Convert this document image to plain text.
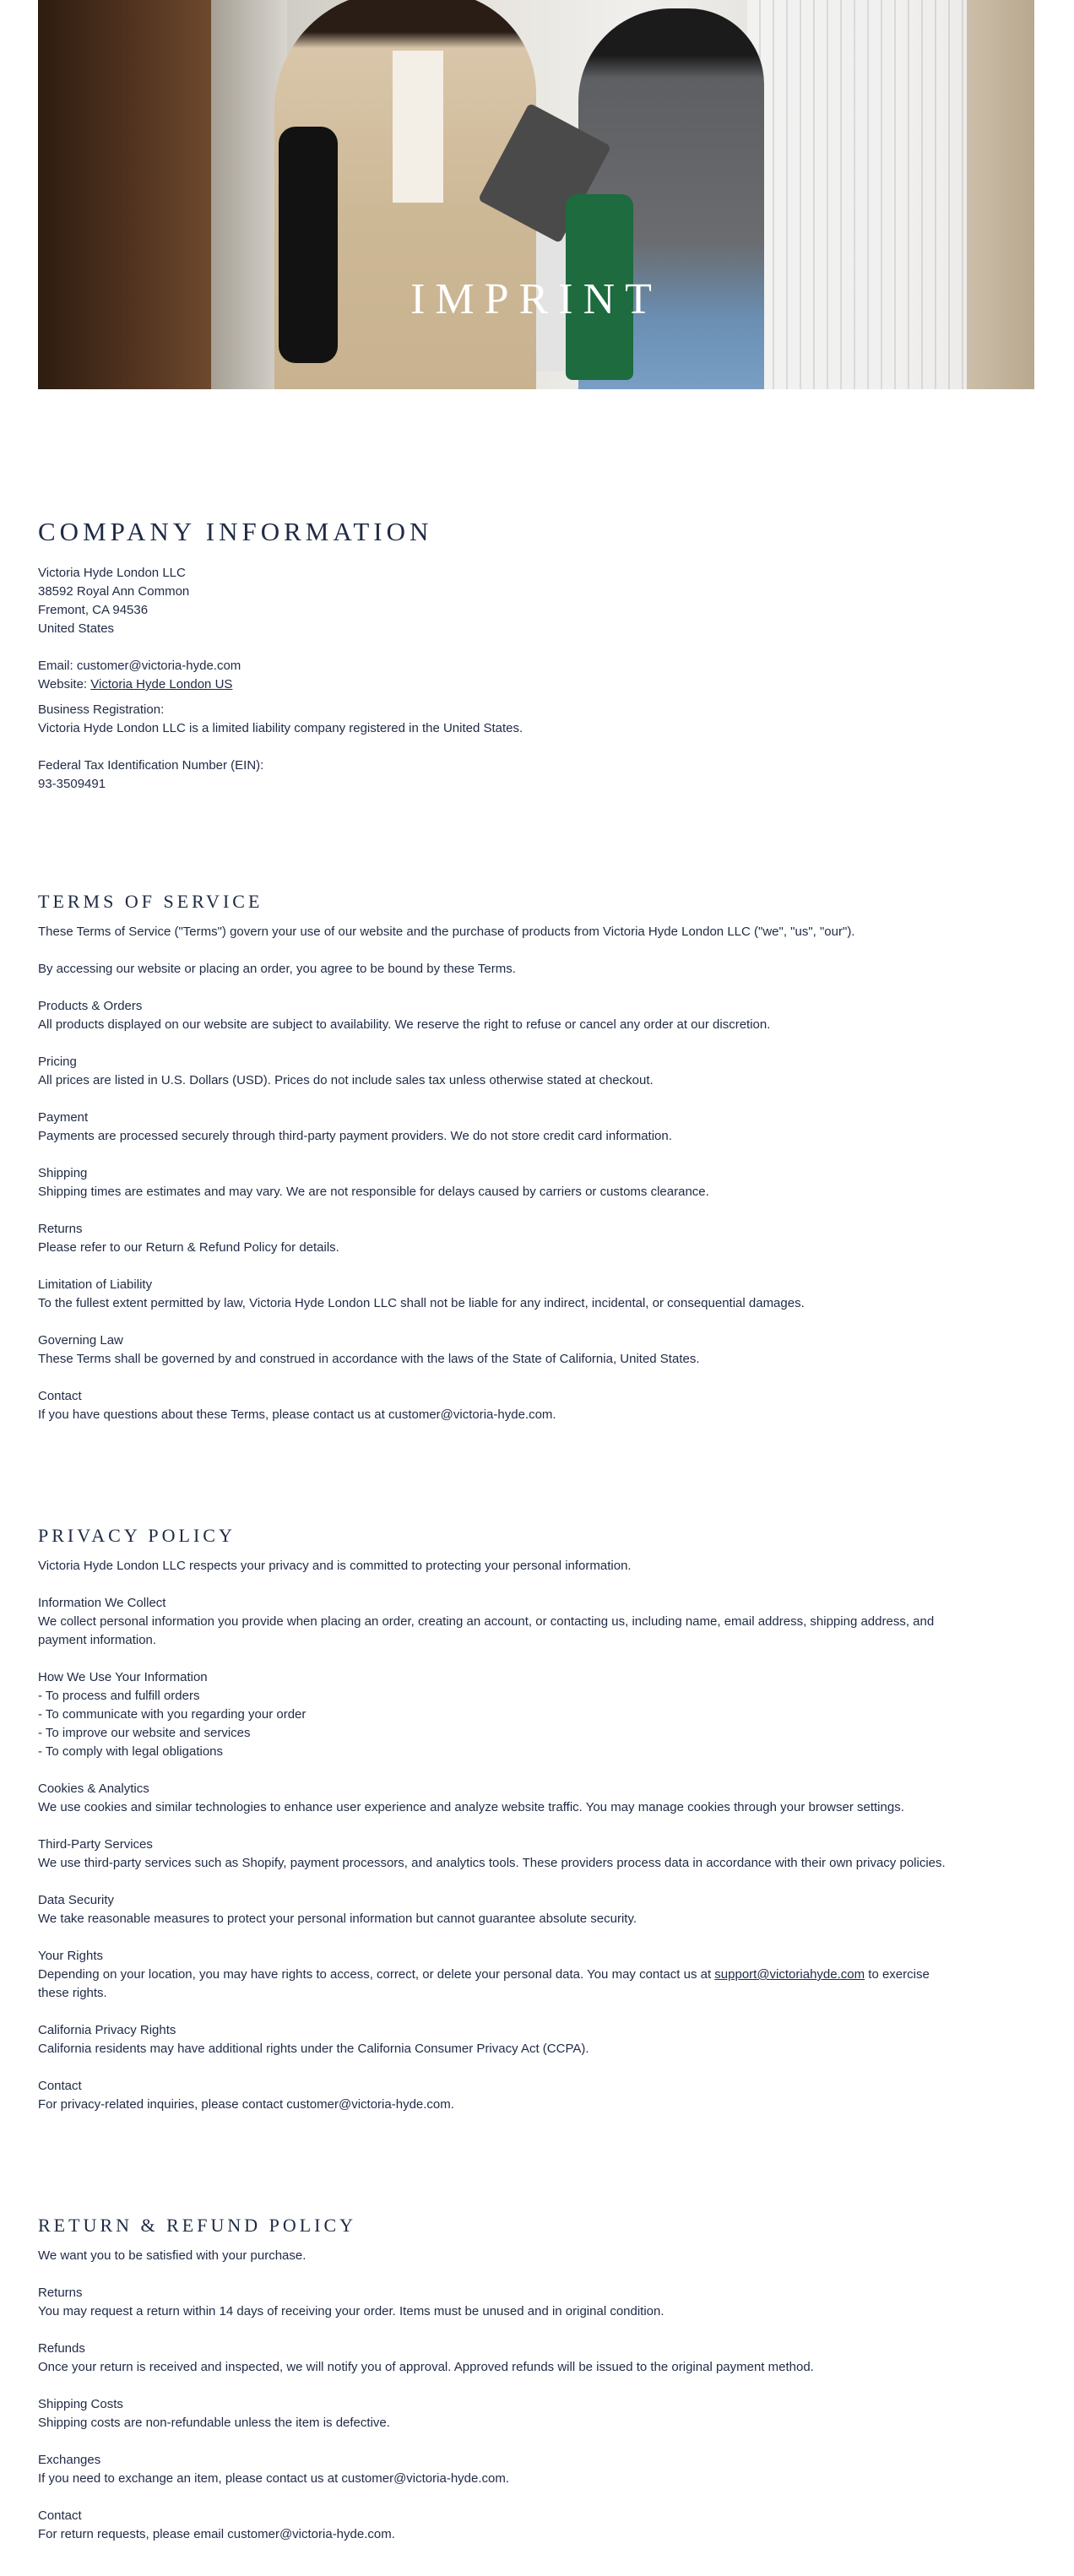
IMPRINT
COMPANY INFORMATION

Victoria Hyde London LLC

38592 Royal Ann Common

Fremont, CA 94536

United States

Email: customer@victoria-hyde.com

Website: Victoria Hyde London US

Business Registration:

Victoria Hyde London LLC is a limited liability company registered in the United States.

Federal Tax Identification Number (EIN):

93-3509491

TERMS OF SERVICE

These Terms of Service ("Terms") govern your use of our website and the purchase of products from Victoria Hyde London LLC ("we", "us", "our").

By accessing our website or placing an order, you agree to be bound by these Terms.

Products & Orders

All products displayed on our website are subject to availability. We reserve the right to refuse or cancel any order at our discretion.

Pricing

All prices are listed in U.S. Dollars (USD). Prices do not include sales tax unless otherwise stated at checkout.

Payment

Payments are processed securely through third-party payment providers. We do not store credit card information.

Shipping

Shipping times are estimates and may vary. We are not responsible for delays caused by carriers or customs clearance.

Returns

Please refer to our Return & Refund Policy for details.

Limitation of Liability

To the fullest extent permitted by law, Victoria Hyde London LLC shall not be liable for any indirect, incidental, or consequential damages.

Governing Law

These Terms shall be governed by and construed in accordance with the laws of the State of California, United States.

Contact

If you have questions about these Terms, please contact us at customer@victoria-hyde.com.

PRIVACY POLICY

Victoria Hyde London LLC respects your privacy and is committed to protecting your personal information.

Information We Collect

We collect personal information you provide when placing an order, creating an account, or contacting us, including name, email address, shipping address, and

payment information.

How We Use Your Information

- To process and fulfill orders

- To communicate with you regarding your order

- To improve our website and services

- To comply with legal obligations

Cookies & Analytics

We use cookies and similar technologies to enhance user experience and analyze website traffic. You may manage cookies through your browser settings.

Third-Party Services

We use third-party services such as Shopify, payment processors, and analytics tools. These providers process data in accordance with their own privacy policies.

Data Security

We take reasonable measures to protect your personal information but cannot guarantee absolute security.

Your Rights

Depending on your location, you may have rights to access, correct, or delete your personal data. You may contact us at support@victoriahyde.com to exercise

these rights.

California Privacy Rights

California residents may have additional rights under the California Consumer Privacy Act (CCPA).

Contact

For privacy-related inquiries, please contact customer@victoria-hyde.com.

RETURN & REFUND POLICY

We want you to be satisfied with your purchase.

Returns

You may request a return within 14 days of receiving your order. Items must be unused and in original condition.

Refunds

Once your return is received and inspected, we will notify you of approval. Approved refunds will be issued to the original payment method.

Shipping Costs

Shipping costs are non-refundable unless the item is defective.

Exchanges

If you need to exchange an item, please contact us at customer@victoria-hyde.com.

Contact

For return requests, please email customer@victoria-hyde.com.
